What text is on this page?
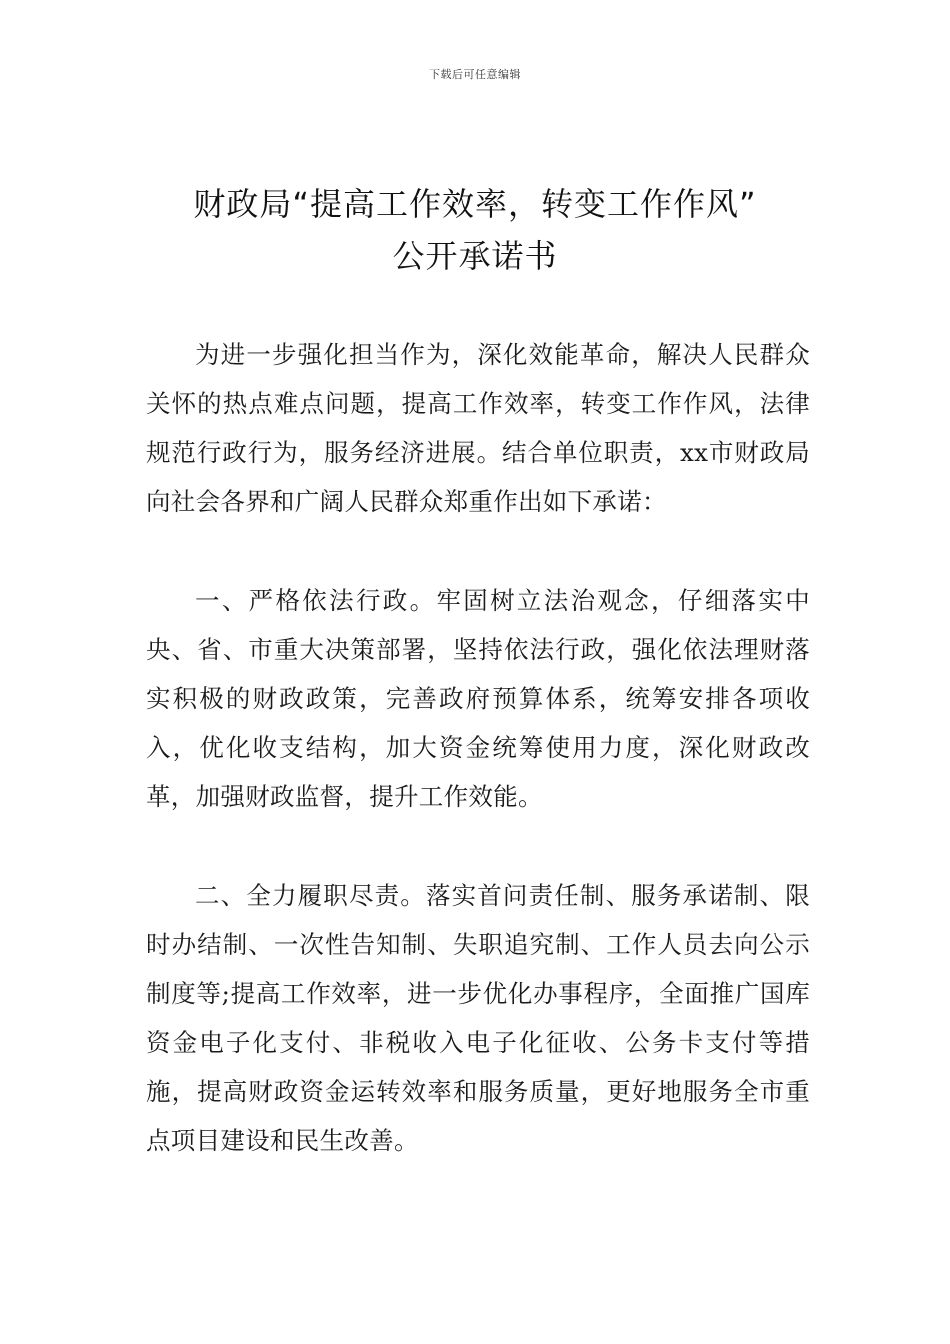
下载后可任意编辑
财政局“提高工作效率，转变工作作风”
公开承诺书

为进一步强化担当作为，深化效能革命，解决人民群众关怀的热点难点问题，提高工作效率，转变工作作风，法律规范行政行为，服务经济进展。结合单位职责，xx市财政局向社会各界和广阔人民群众郑重作出如下承诺：

一、严格依法行政。牢固树立法治观念，仔细落实中央、省、市重大决策部署，坚持依法行政，强化依法理财落实积极的财政政策，完善政府预算体系，统筹安排各项收入，优化收支结构，加大资金统筹使用力度，深化财政改革，加强财政监督，提升工作效能。

二、全力履职尽责。落实首问责任制、服务承诺制、限时办结制、一次性告知制、失职追究制、工作人员去向公示制度等;提高工作效率，进一步优化办事程序，全面推广国库资金电子化支付、非税收入电子化征收、公务卡支付等措施，提高财政资金运转效率和服务质量，更好地服务全市重点项目建设和民生改善。
